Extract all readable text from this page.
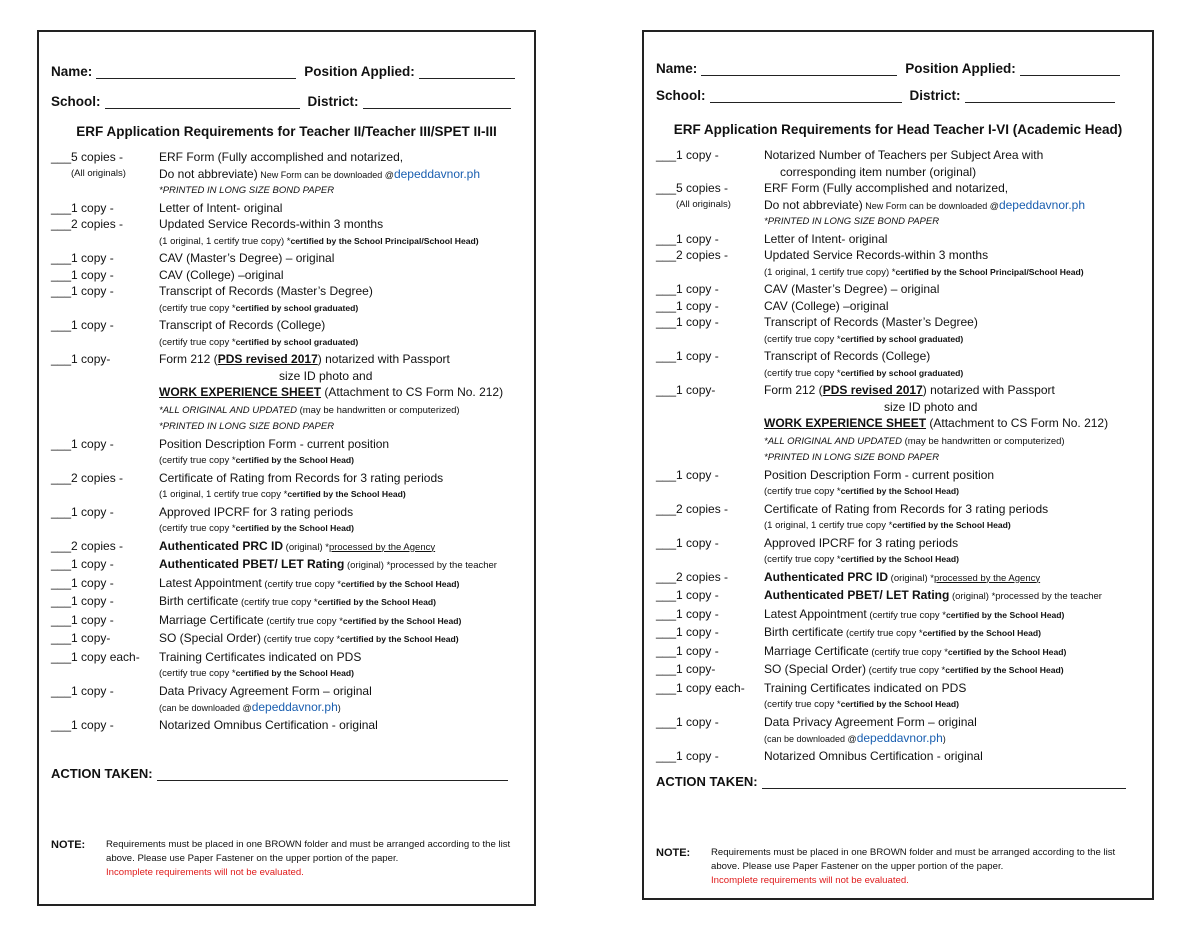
Name:	Position Applied:
School:	District:
ERF Application Requirements for Teacher II/Teacher III/SPET II-III
___5 copies -	ERF Form (Fully accomplished and notarized,
(All originals)	Do not abbreviate) New Form can be downloaded @depeddavnor.ph
*PRINTED IN LONG SIZE BOND PAPER
___1 copy -	Letter of Intent- original
___2 copies -	Updated Service Records-within 3 months
(1 original, 1 certify true copy) *certified by the School Principal/School Head)
___1 copy -	CAV (Master’s Degree) – original
___1 copy -	CAV (College) –original
___1 copy -	Transcript of Records (Master’s Degree)
(certify true copy *certified by school graduated)
___1 copy -	Transcript of Records (College)
(certify true copy *certified by school graduated)
___1 copy-	Form 212 (PDS revised 2017) notarized with Passport
size ID photo and
WORK EXPERIENCE SHEET (Attachment to CS Form No. 212)
*ALL ORIGINAL AND UPDATED (may be handwritten or computerized)
*PRINTED IN LONG SIZE BOND PAPER
___1 copy -	Position Description Form - current position
(certify true copy *certified by the School Head)
___2 copies -	Certificate of Rating from Records for 3 rating periods
(1 original, 1 certify true copy *certified by the School Head)
___1 copy -	Approved IPCRF for 3 rating periods
(certify true copy *certified by the School Head)
___2 copies -	Authenticated PRC ID (original) *processed by the Agency
___1 copy -	Authenticated PBET/ LET Rating (original) *processed by the teacher
___1 copy -	Latest Appointment (certify true copy *certified by the School Head)
___1 copy -	Birth certificate (certify true copy *certified by the School Head)
___1 copy -	Marriage Certificate (certify true copy *certified by the School Head)
___1 copy-	SO (Special Order) (certify true copy *certified by the School Head)
___1 copy each-	Training Certificates indicated on PDS
(certify true copy *certified by the School Head)
___1 copy -	Data Privacy Agreement Form – original
(can be downloaded @depeddavnor.ph)
___1 copy -	Notarized Omnibus Certification - original
ACTION TAKEN:
NOTE:	Requirements must be placed in one BROWN folder and must be arranged according to the list above. Please use Paper Fastener on the upper portion of the paper.
Incomplete requirements will not be evaluated.
Name:	Position Applied:
School:	District:
ERF Application Requirements for Head Teacher I-VI (Academic Head)
___1 copy -	Notarized Number of Teachers per Subject Area with
corresponding item number (original)
___5 copies -	ERF Form (Fully accomplished and notarized,
(All originals)	Do not abbreviate) New Form can be downloaded @depeddavnor.ph
*PRINTED IN LONG SIZE BOND PAPER
___1 copy -	Letter of Intent- original
___2 copies -	Updated Service Records-within 3 months
(1 original, 1 certify true copy) *certified by the School Principal/School Head)
___1 copy -	CAV (Master’s Degree) – original
___1 copy -	CAV (College) –original
___1 copy -	Transcript of Records (Master’s Degree)
(certify true copy *certified by school graduated)
___1 copy -	Transcript of Records (College)
(certify true copy *certified by school graduated)
___1 copy-	Form 212 (PDS revised 2017) notarized with Passport
size ID photo and
WORK EXPERIENCE SHEET (Attachment to CS Form No. 212)
*ALL ORIGINAL AND UPDATED (may be handwritten or computerized)
*PRINTED IN LONG SIZE BOND PAPER
___1 copy -	Position Description Form - current position
(certify true copy *certified by the School Head)
___2 copies -	Certificate of Rating from Records for 3 rating periods
(1 original, 1 certify true copy *certified by the School Head)
___1 copy -	Approved IPCRF for 3 rating periods
(certify true copy *certified by the School Head)
___2 copies -	Authenticated PRC ID (original) *processed by the Agency
___1 copy -	Authenticated PBET/ LET Rating (original) *processed by the teacher
___1 copy -	Latest Appointment (certify true copy *certified by the School Head)
___1 copy -	Birth certificate (certify true copy *certified by the School Head)
___1 copy -	Marriage Certificate (certify true copy *certified by the School Head)
___1 copy-	SO (Special Order) (certify true copy *certified by the School Head)
___1 copy each-	Training Certificates indicated on PDS
(certify true copy *certified by the School Head)
___1 copy -	Data Privacy Agreement Form – original
(can be downloaded @depeddavnor.ph)
___1 copy -	Notarized Omnibus Certification - original
ACTION TAKEN:
NOTE:	Requirements must be placed in one BROWN folder and must be arranged according to the list above. Please use Paper Fastener on the upper portion of the paper.
Incomplete requirements will not be evaluated.
